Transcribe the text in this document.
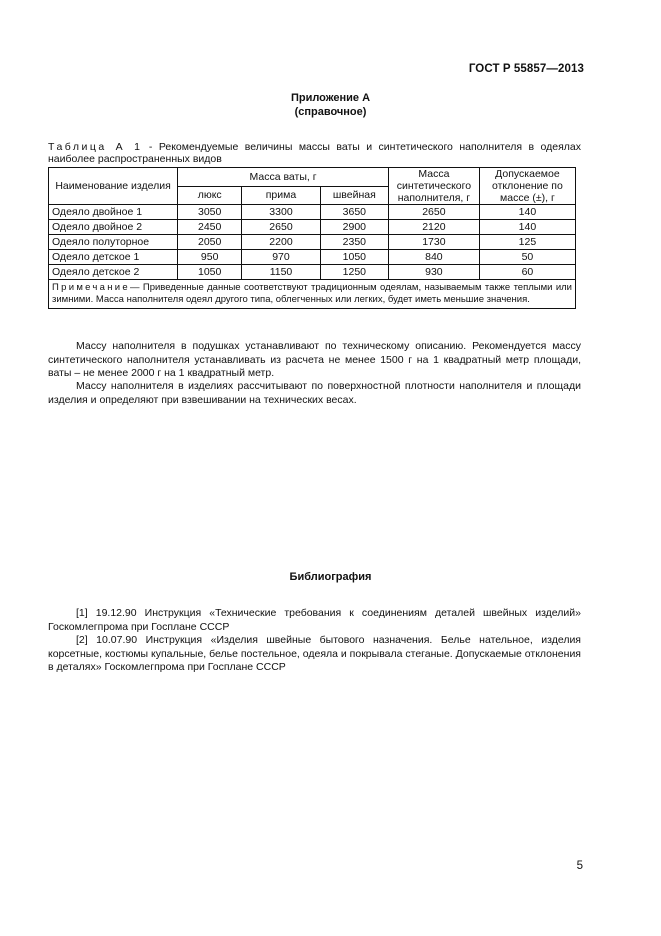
ГОСТ Р 55857—2013
Приложение А
(справочное)
Таблица А 1 - Рекомендуемые величины массы ваты и синтетического наполнителя в одеялах наиболее распространенных видов
Наименование изделия	Масса ваты, г			Масса синтетического наполнителя, г	Допускаемое отклонение по массе (±), г
	люкс	прима	швейная		
Одеяло двойное 1	3050	3300	3650	2650	140
Одеяло двойное 2	2450	2650	2900	2120	140
Одеяло полуторное	2050	2200	2350	1730	125
Одеяло детское 1	950	970	1050	840	50
Одеяло детское 2	1050	1150	1250	930	60
Примечание— Приведенные данные соответствуют традиционным одеялам, называемым также теплыми или зимними. Масса наполнителя одеял другого типа, облегченных или легких, будет иметь меньшие значения.					
Массу наполнителя в подушках устанавливают по техническому описанию. Рекомендуется массу синтетического наполнителя устанавливать из расчета не менее 1500 г на 1 квадратный метр площади, ваты – не менее 2000 г на 1 квадратный метр.
Массу наполнителя в изделиях рассчитывают по поверхностной плотности наполнителя и площади изделия и определяют при взвешивании на технических весах.
Библиография
[1] 19.12.90 Инструкция «Технические требования к соединениям деталей швейных изделий» Госкомлегпрома при Госплане СССР
[2] 10.07.90 Инструкция «Изделия швейные бытового назначения. Белье нательное, изделия корсетные, костюмы купальные, белье постельное, одеяла и покрывала стеганые. Допускаемые отклонения в деталях» Госкомлегпрома при Госплане СССР
5
